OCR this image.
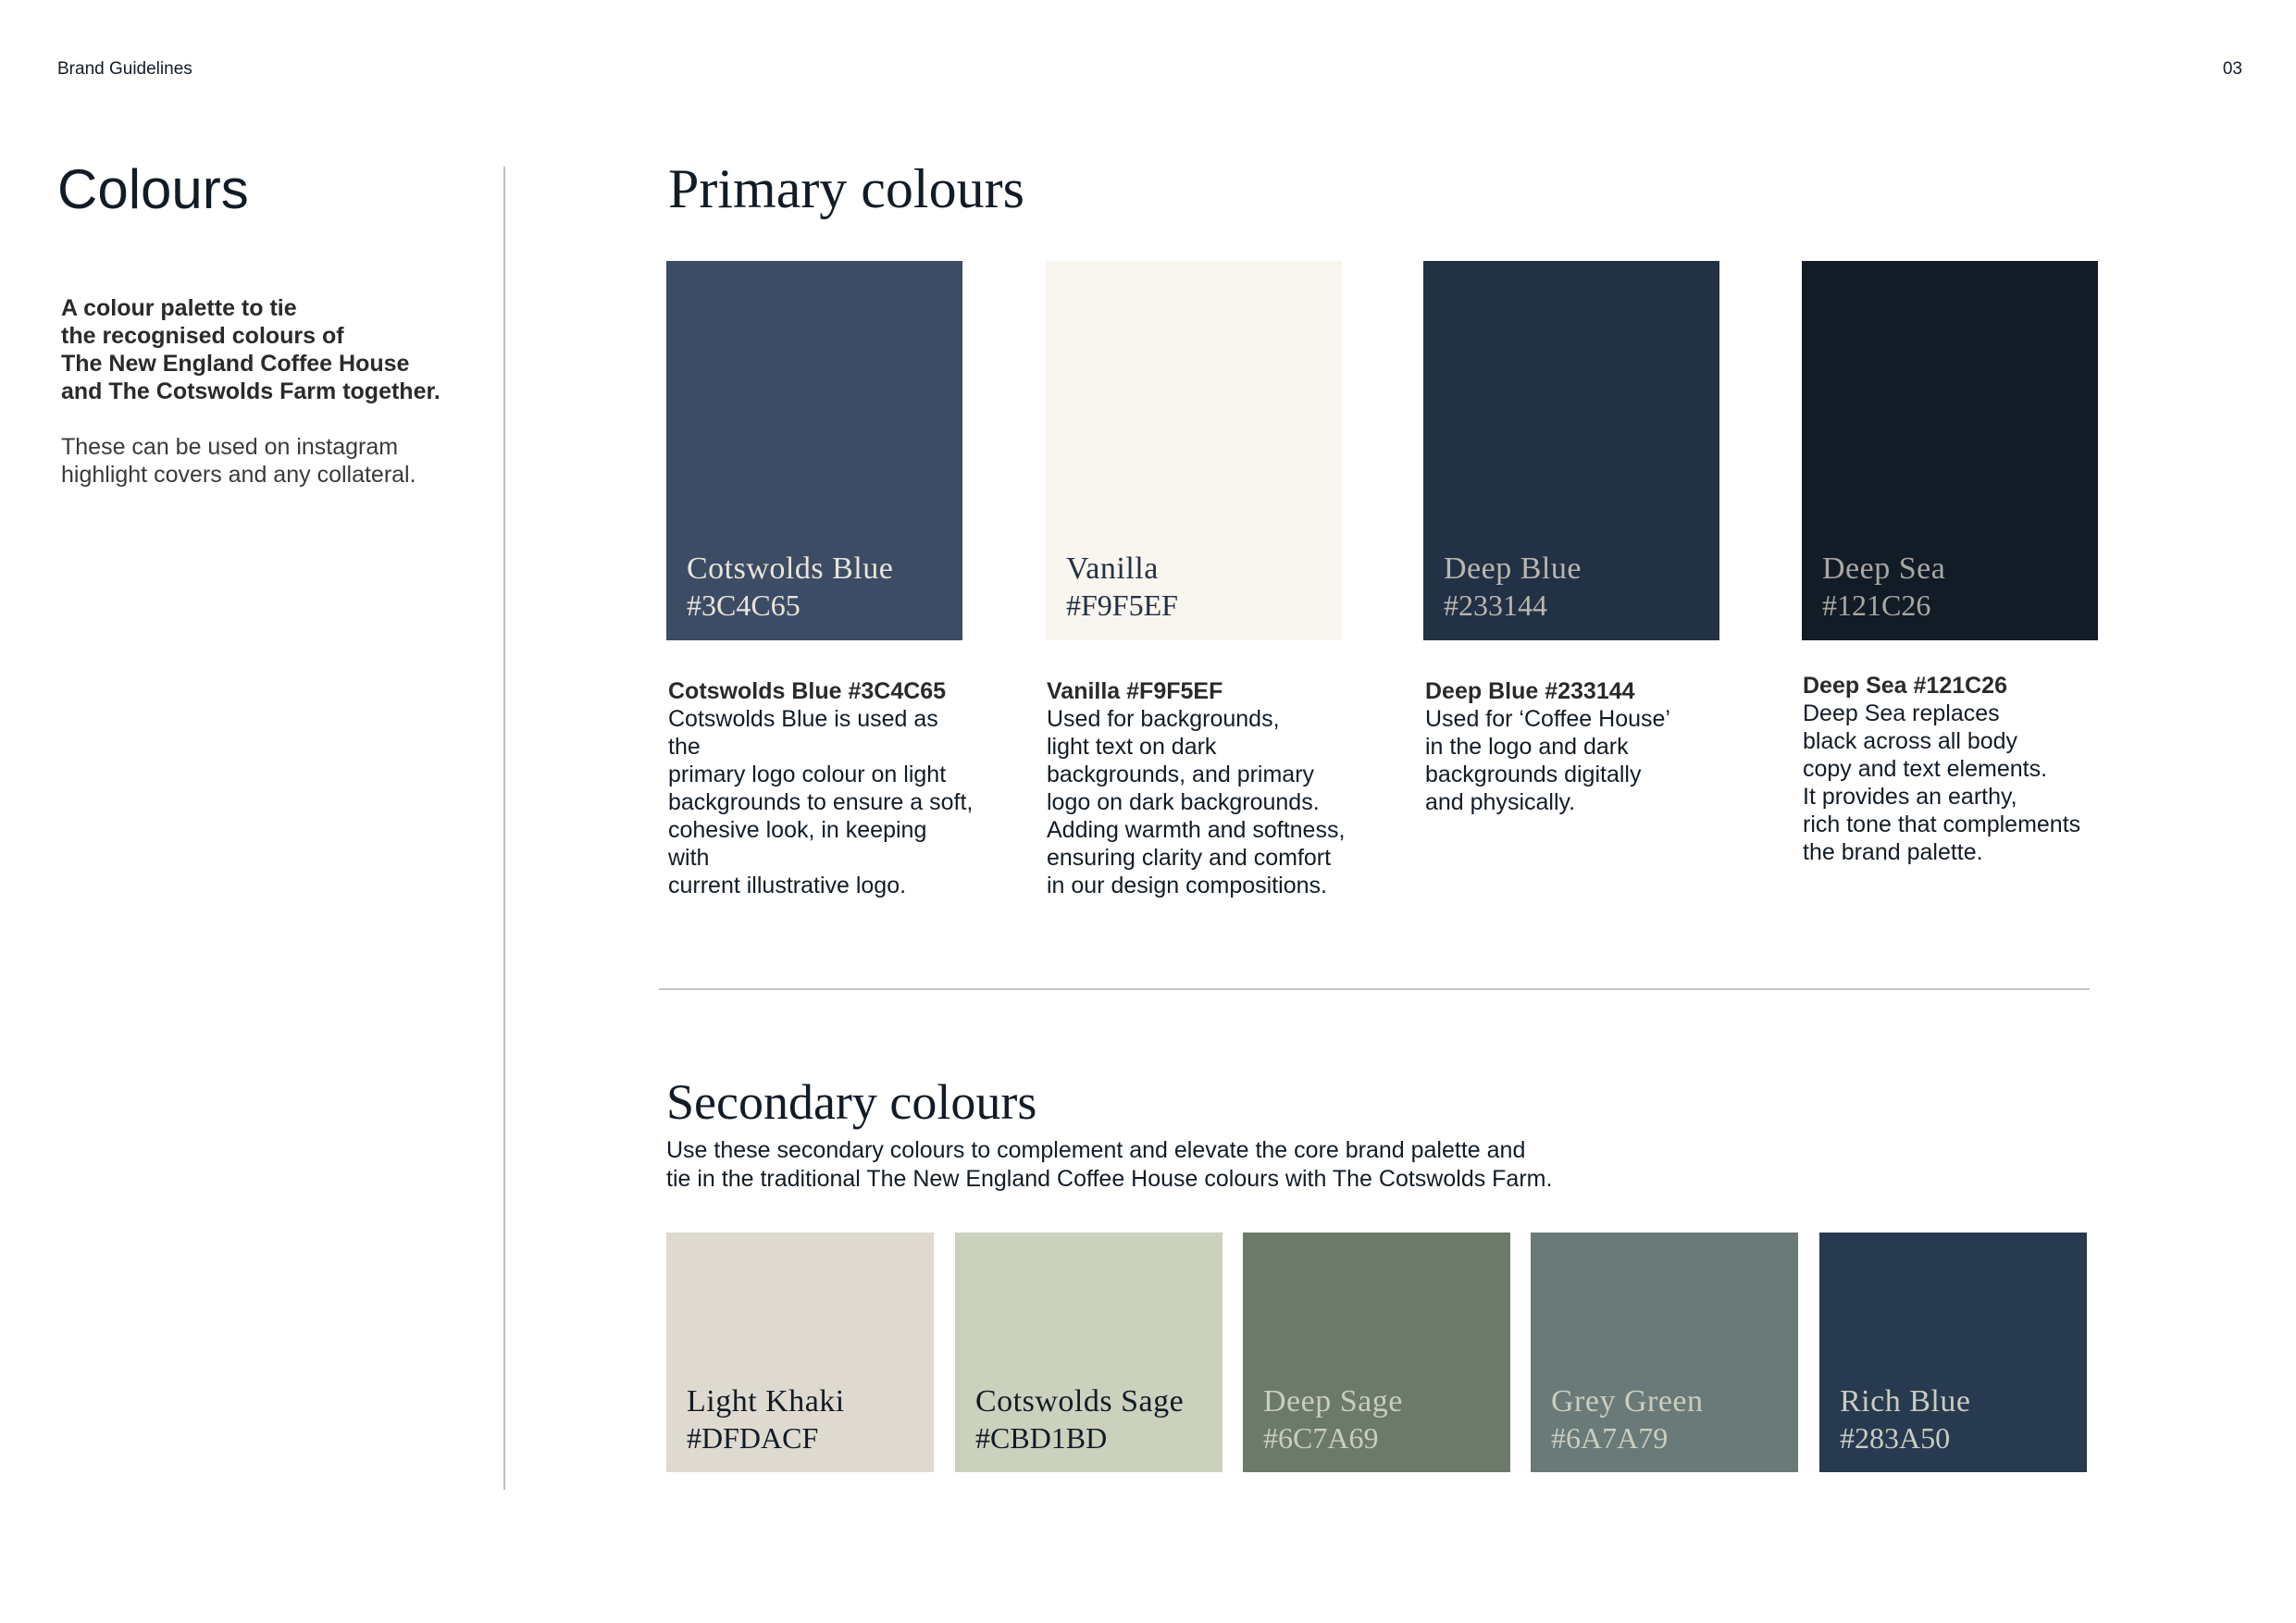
Brand Guidelines	03
Colours
A colour palette to tie
the recognised colours of
The New England Coffee House
and The Cotswolds Farm together.
These can be used on instagram
highlight covers and any collateral.
Primary colours
Cotswolds Blue
#3C4C65
Vanilla
#F9F5EF
Deep Blue
#233144
Deep Sea
#121C26
Cotswolds Blue #3C4C65
Cotswolds Blue is used as the
primary logo colour on light
backgrounds to ensure a soft,
cohesive look, in keeping with
current illustrative logo.
Vanilla #F9F5EF
Used for backgrounds,
light text on dark
backgrounds, and primary
logo on dark backgrounds.
Adding warmth and softness,
ensuring clarity and comfort
in our design compositions.
Deep Blue #233144
Used for ‘Coffee House’
in the logo and dark
backgrounds digitally
and physically.
Deep Sea #121C26
Deep Sea replaces
black across all body
copy and text elements.
It provides an earthy,
rich tone that complements
the brand palette.
Secondary colours
Use these secondary colours to complement and elevate the core brand palette and
tie in the traditional The New England Coffee House colours with The Cotswolds Farm.
Light Khaki
#DFDACF
Cotswolds Sage
#CBD1BD
Deep Sage
#6C7A69
Grey Green
#6A7A79
Rich Blue
#283A50
